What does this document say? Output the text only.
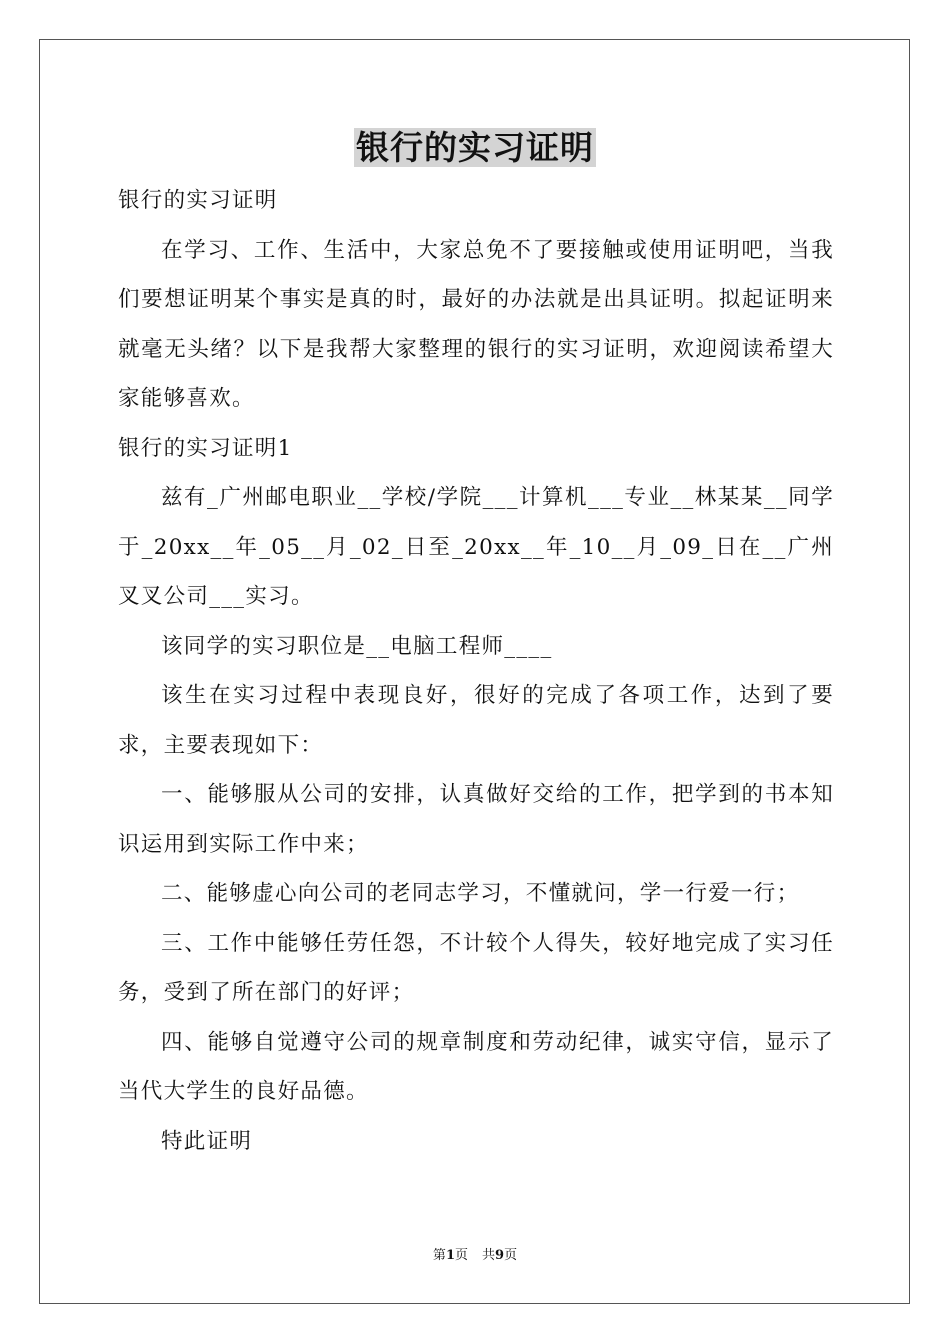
银行的实习证明

银行的实习证明

在学习、工作、生活中，大家总免不了要接触或使用证明吧，当我们要想证明某个事实是真的时，最好的办法就是出具证明。拟起证明来就毫无头绪？以下是我帮大家整理的银行的实习证明，欢迎阅读希望大家能够喜欢。

银行的实习证明1

兹有_广州邮电职业__学校/学院___计算机___专业__林某某__同学于_20xx__年_05__月_02_日至_20xx__年_10__月_09_日在__广州叉叉公司___实习。

该同学的实习职位是__电脑工程师____

该生在实习过程中表现良好，很好的完成了各项工作，达到了要求，主要表现如下：

一、能够服从公司的安排，认真做好交给的工作，把学到的书本知识运用到实际工作中来；

二、能够虚心向公司的老同志学习，不懂就问，学一行爱一行；

三、工作中能够任劳任怨，不计较个人得失，较好地完成了实习任务，受到了所在部门的好评；

四、能够自觉遵守公司的规章制度和劳动纪律，诚实守信，显示了当代大学生的良好品德。

特此证明

第1页 共9页
